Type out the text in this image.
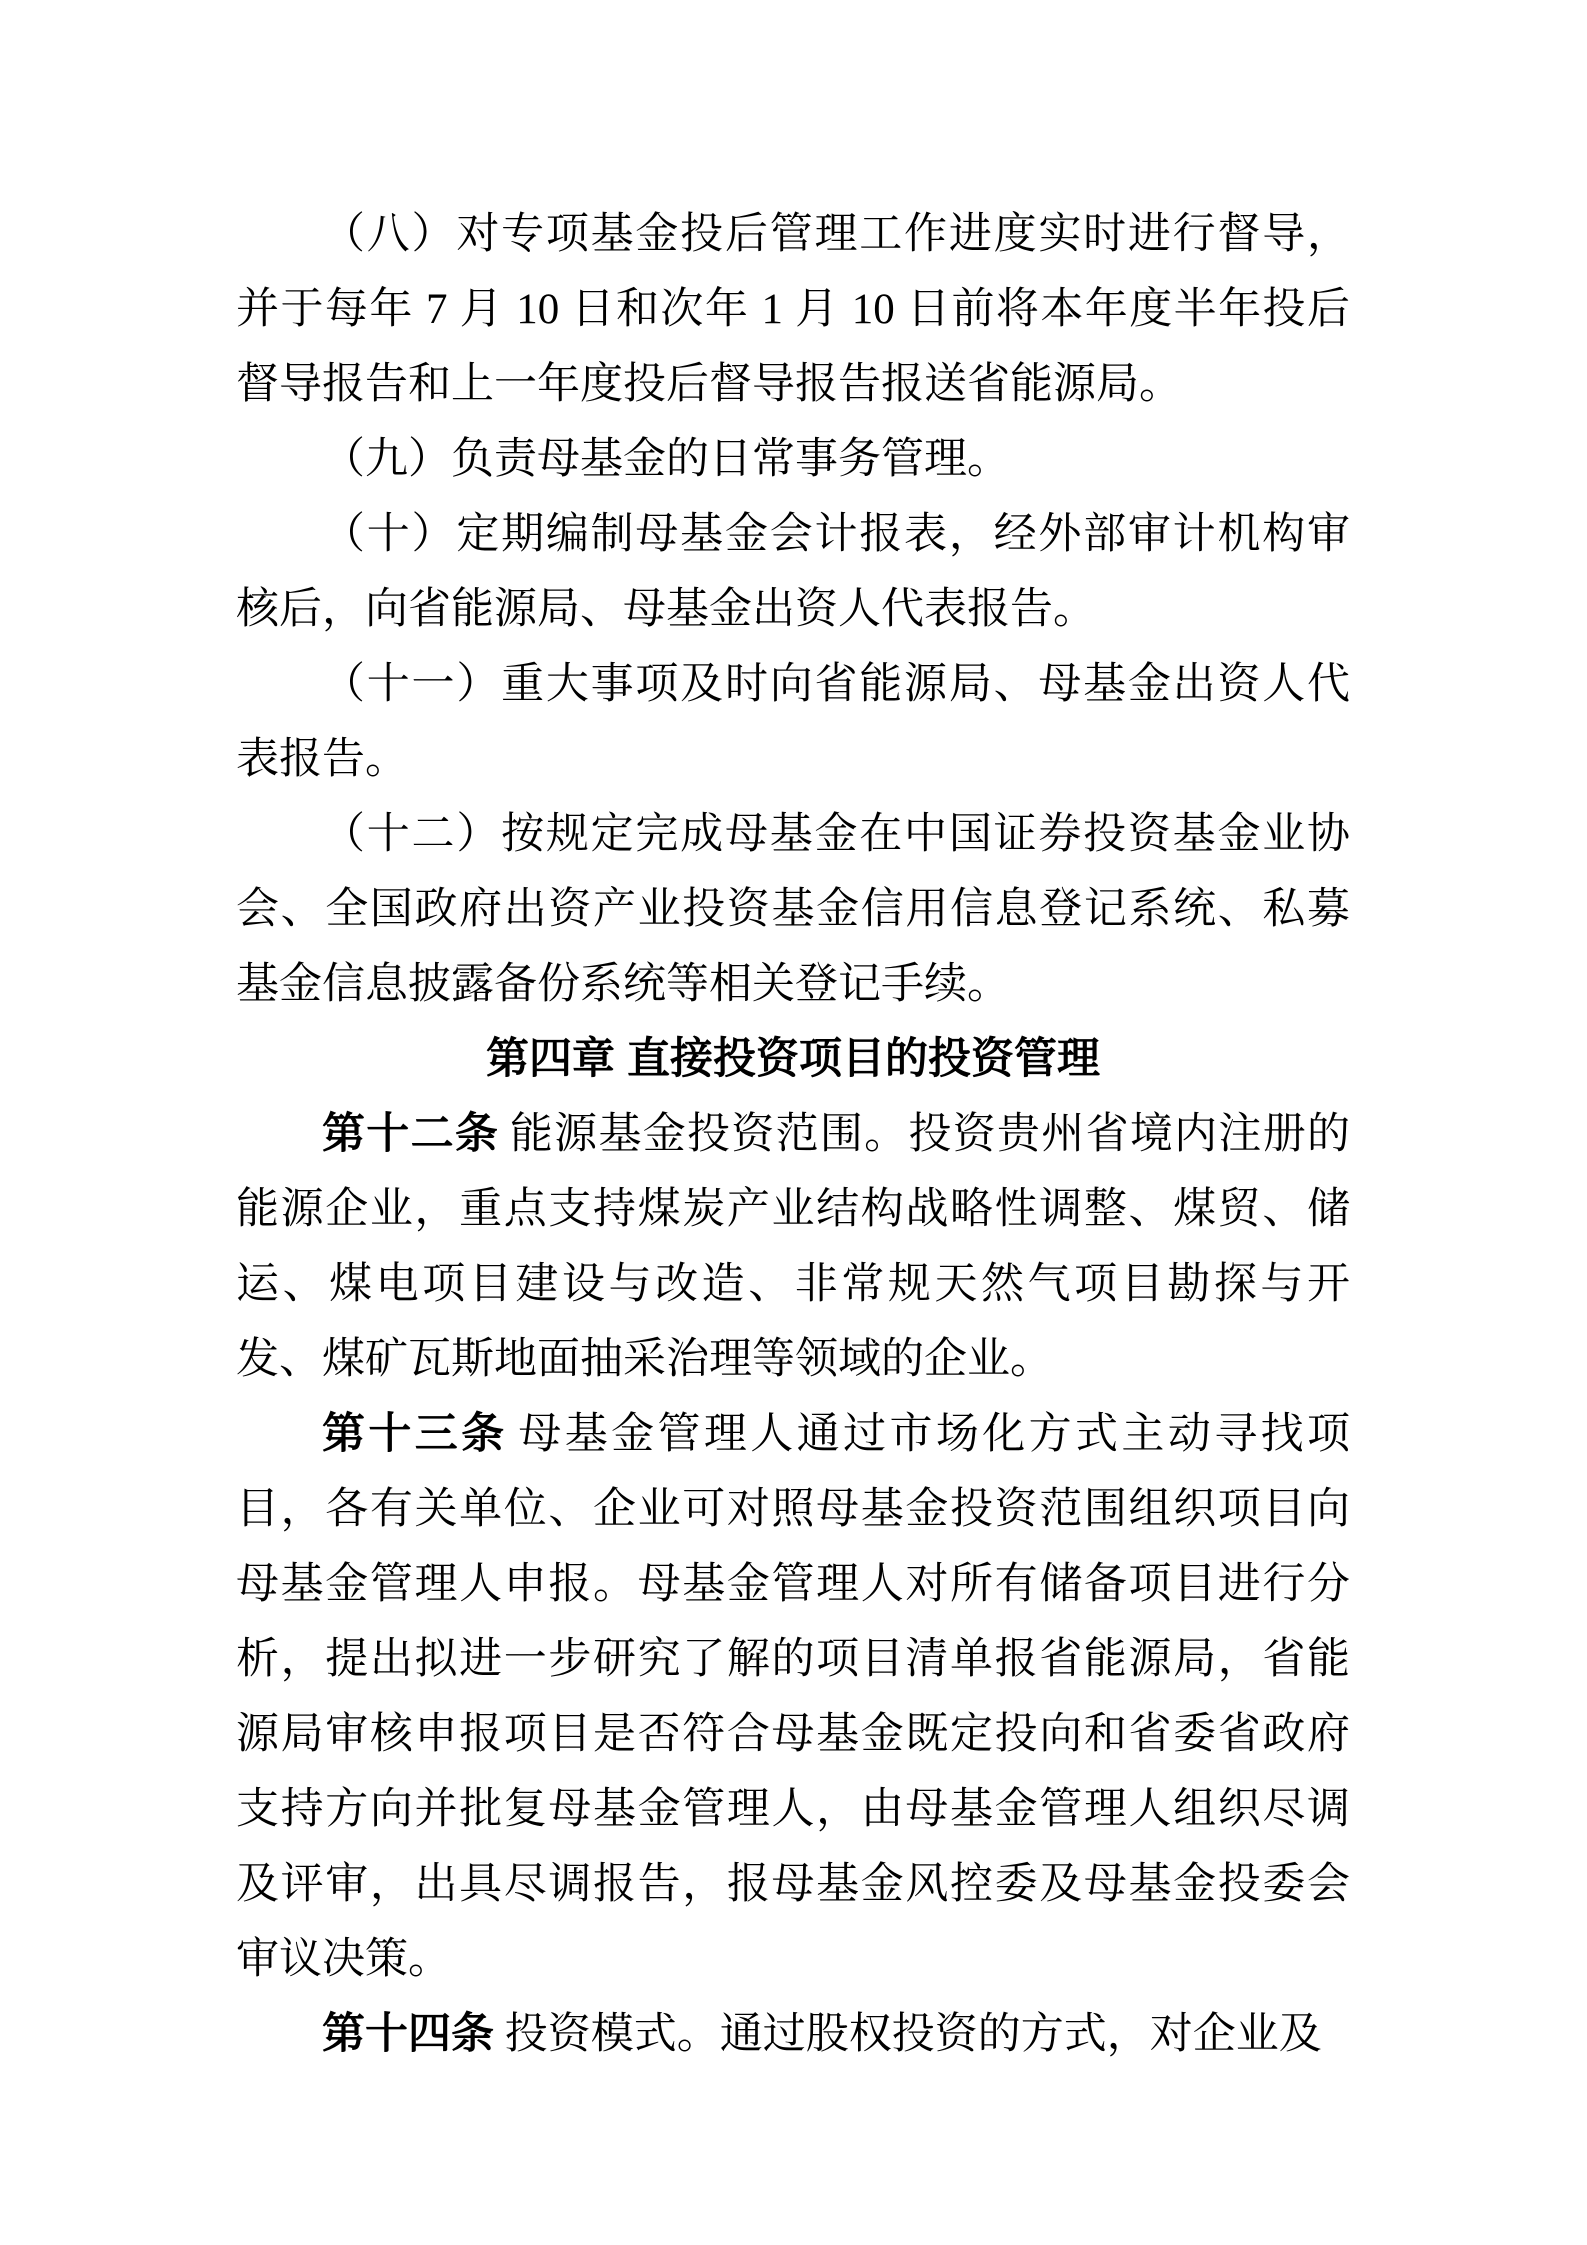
（八）对专项基金投后管理工作进度实时进行督导，并于每年 7 月 10 日和次年 1 月 10 日前将本年度半年投后督导报告和上一年度投后督导报告报送省能源局。

（九）负责母基金的日常事务管理。

（十）定期编制母基金会计报表，经外部审计机构审核后，向省能源局、母基金出资人代表报告。

（十一）重大事项及时向省能源局、母基金出资人代表报告。

（十二）按规定完成母基金在中国证券投资基金业协会、全国政府出资产业投资基金信用信息登记系统、私募基金信息披露备份系统等相关登记手续。

第四章 直接投资项目的投资管理

第十二条 能源基金投资范围。投资贵州省境内注册的能源企业，重点支持煤炭产业结构战略性调整、煤贸、储运、煤电项目建设与改造、非常规天然气项目勘探与开发、煤矿瓦斯地面抽采治理等领域的企业。

第十三条 母基金管理人通过市场化方式主动寻找项目，各有关单位、企业可对照母基金投资范围组织项目向母基金管理人申报。母基金管理人对所有储备项目进行分析，提出拟进一步研究了解的项目清单报省能源局，省能源局审核申报项目是否符合母基金既定投向和省委省政府支持方向并批复母基金管理人，由母基金管理人组织尽调及评审，出具尽调报告，报母基金风控委及母基金投委会审议决策。

第十四条 投资模式。通过股权投资的方式，对企业及
